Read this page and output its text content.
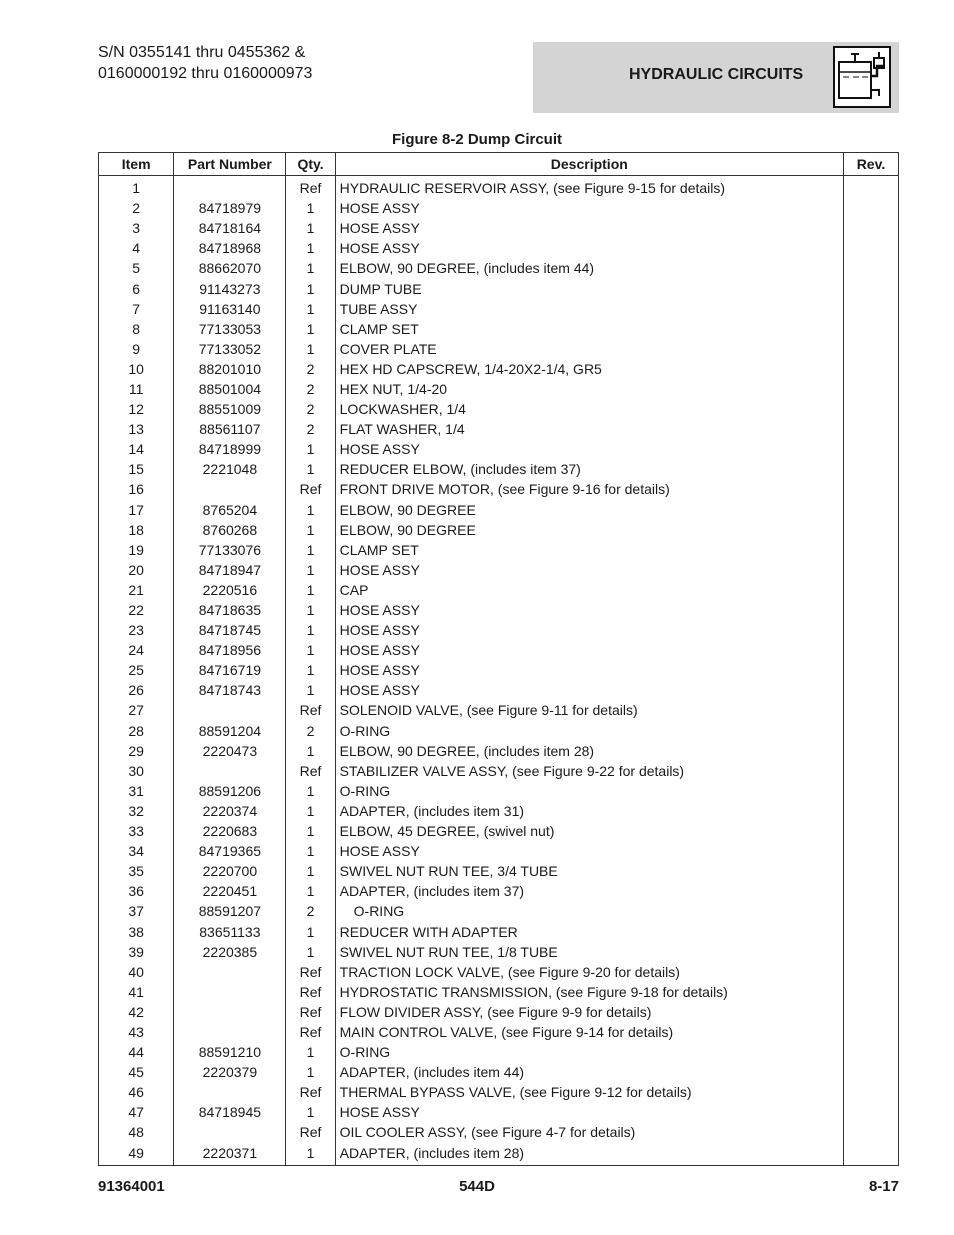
S/N 0355141 thru 0455362 &
0160000192 thru 0160000973	HYDRAULIC CIRCUITS
Figure 8-2 Dump Circuit
Item	Part Number	Qty.	Description	Rev.
1		Ref	HYDRAULIC RESERVOIR ASSY, (see Figure 9-15 for details)	
2	84718979	1	HOSE ASSY	
3	84718164	1	HOSE ASSY	
4	84718968	1	HOSE ASSY	
5	88662070	1	ELBOW, 90 DEGREE, (includes item 44)	
6	91143273	1	DUMP TUBE	
7	91163140	1	TUBE ASSY	
8	77133053	1	CLAMP SET	
9	77133052	1	COVER PLATE	
10	88201010	2	HEX HD CAPSCREW, 1/4-20X2-1/4, GR5	
11	88501004	2	HEX NUT, 1/4-20	
12	88551009	2	LOCKWASHER, 1/4	
13	88561107	2	FLAT WASHER, 1/4	
14	84718999	1	HOSE ASSY	
15	2221048	1	REDUCER ELBOW, (includes item 37)	
16		Ref	FRONT DRIVE MOTOR, (see Figure 9-16 for details)	
17	8765204	1	ELBOW, 90 DEGREE	
18	8760268	1	ELBOW, 90 DEGREE	
19	77133076	1	CLAMP SET	
20	84718947	1	HOSE ASSY	
21	2220516	1	CAP	
22	84718635	1	HOSE ASSY	
23	84718745	1	HOSE ASSY	
24	84718956	1	HOSE ASSY	
25	84716719	1	HOSE ASSY	
26	84718743	1	HOSE ASSY	
27		Ref	SOLENOID VALVE, (see Figure 9-11 for details)	
28	88591204	2	O-RING	
29	2220473	1	ELBOW, 90 DEGREE, (includes item 28)	
30		Ref	STABILIZER VALVE ASSY, (see Figure 9-22 for details)	
31	88591206	1	O-RING	
32	2220374	1	ADAPTER, (includes item 31)	
33	2220683	1	ELBOW, 45 DEGREE, (swivel nut)	
34	84719365	1	HOSE ASSY	
35	2220700	1	SWIVEL NUT RUN TEE, 3/4 TUBE	
36	2220451	1	ADAPTER, (includes item 37)	
37	88591207	2	O-RING	
38	83651133	1	REDUCER WITH ADAPTER	
39	2220385	1	SWIVEL NUT RUN TEE, 1/8 TUBE	
40		Ref	TRACTION LOCK VALVE, (see Figure 9-20 for details)	
41		Ref	HYDROSTATIC TRANSMISSION, (see Figure 9-18 for details)	
42		Ref	FLOW DIVIDER ASSY, (see Figure 9-9 for details)	
43		Ref	MAIN CONTROL VALVE, (see Figure 9-14 for details)	
44	88591210	1	O-RING	
45	2220379	1	ADAPTER, (includes item 44)	
46		Ref	THERMAL BYPASS VALVE, (see Figure 9-12 for details)	
47	84718945	1	HOSE ASSY	
48		Ref	OIL COOLER ASSY, (see Figure 4-7 for details)	
49	2220371	1	ADAPTER, (includes item 28)	
91364001	544D	8-17
